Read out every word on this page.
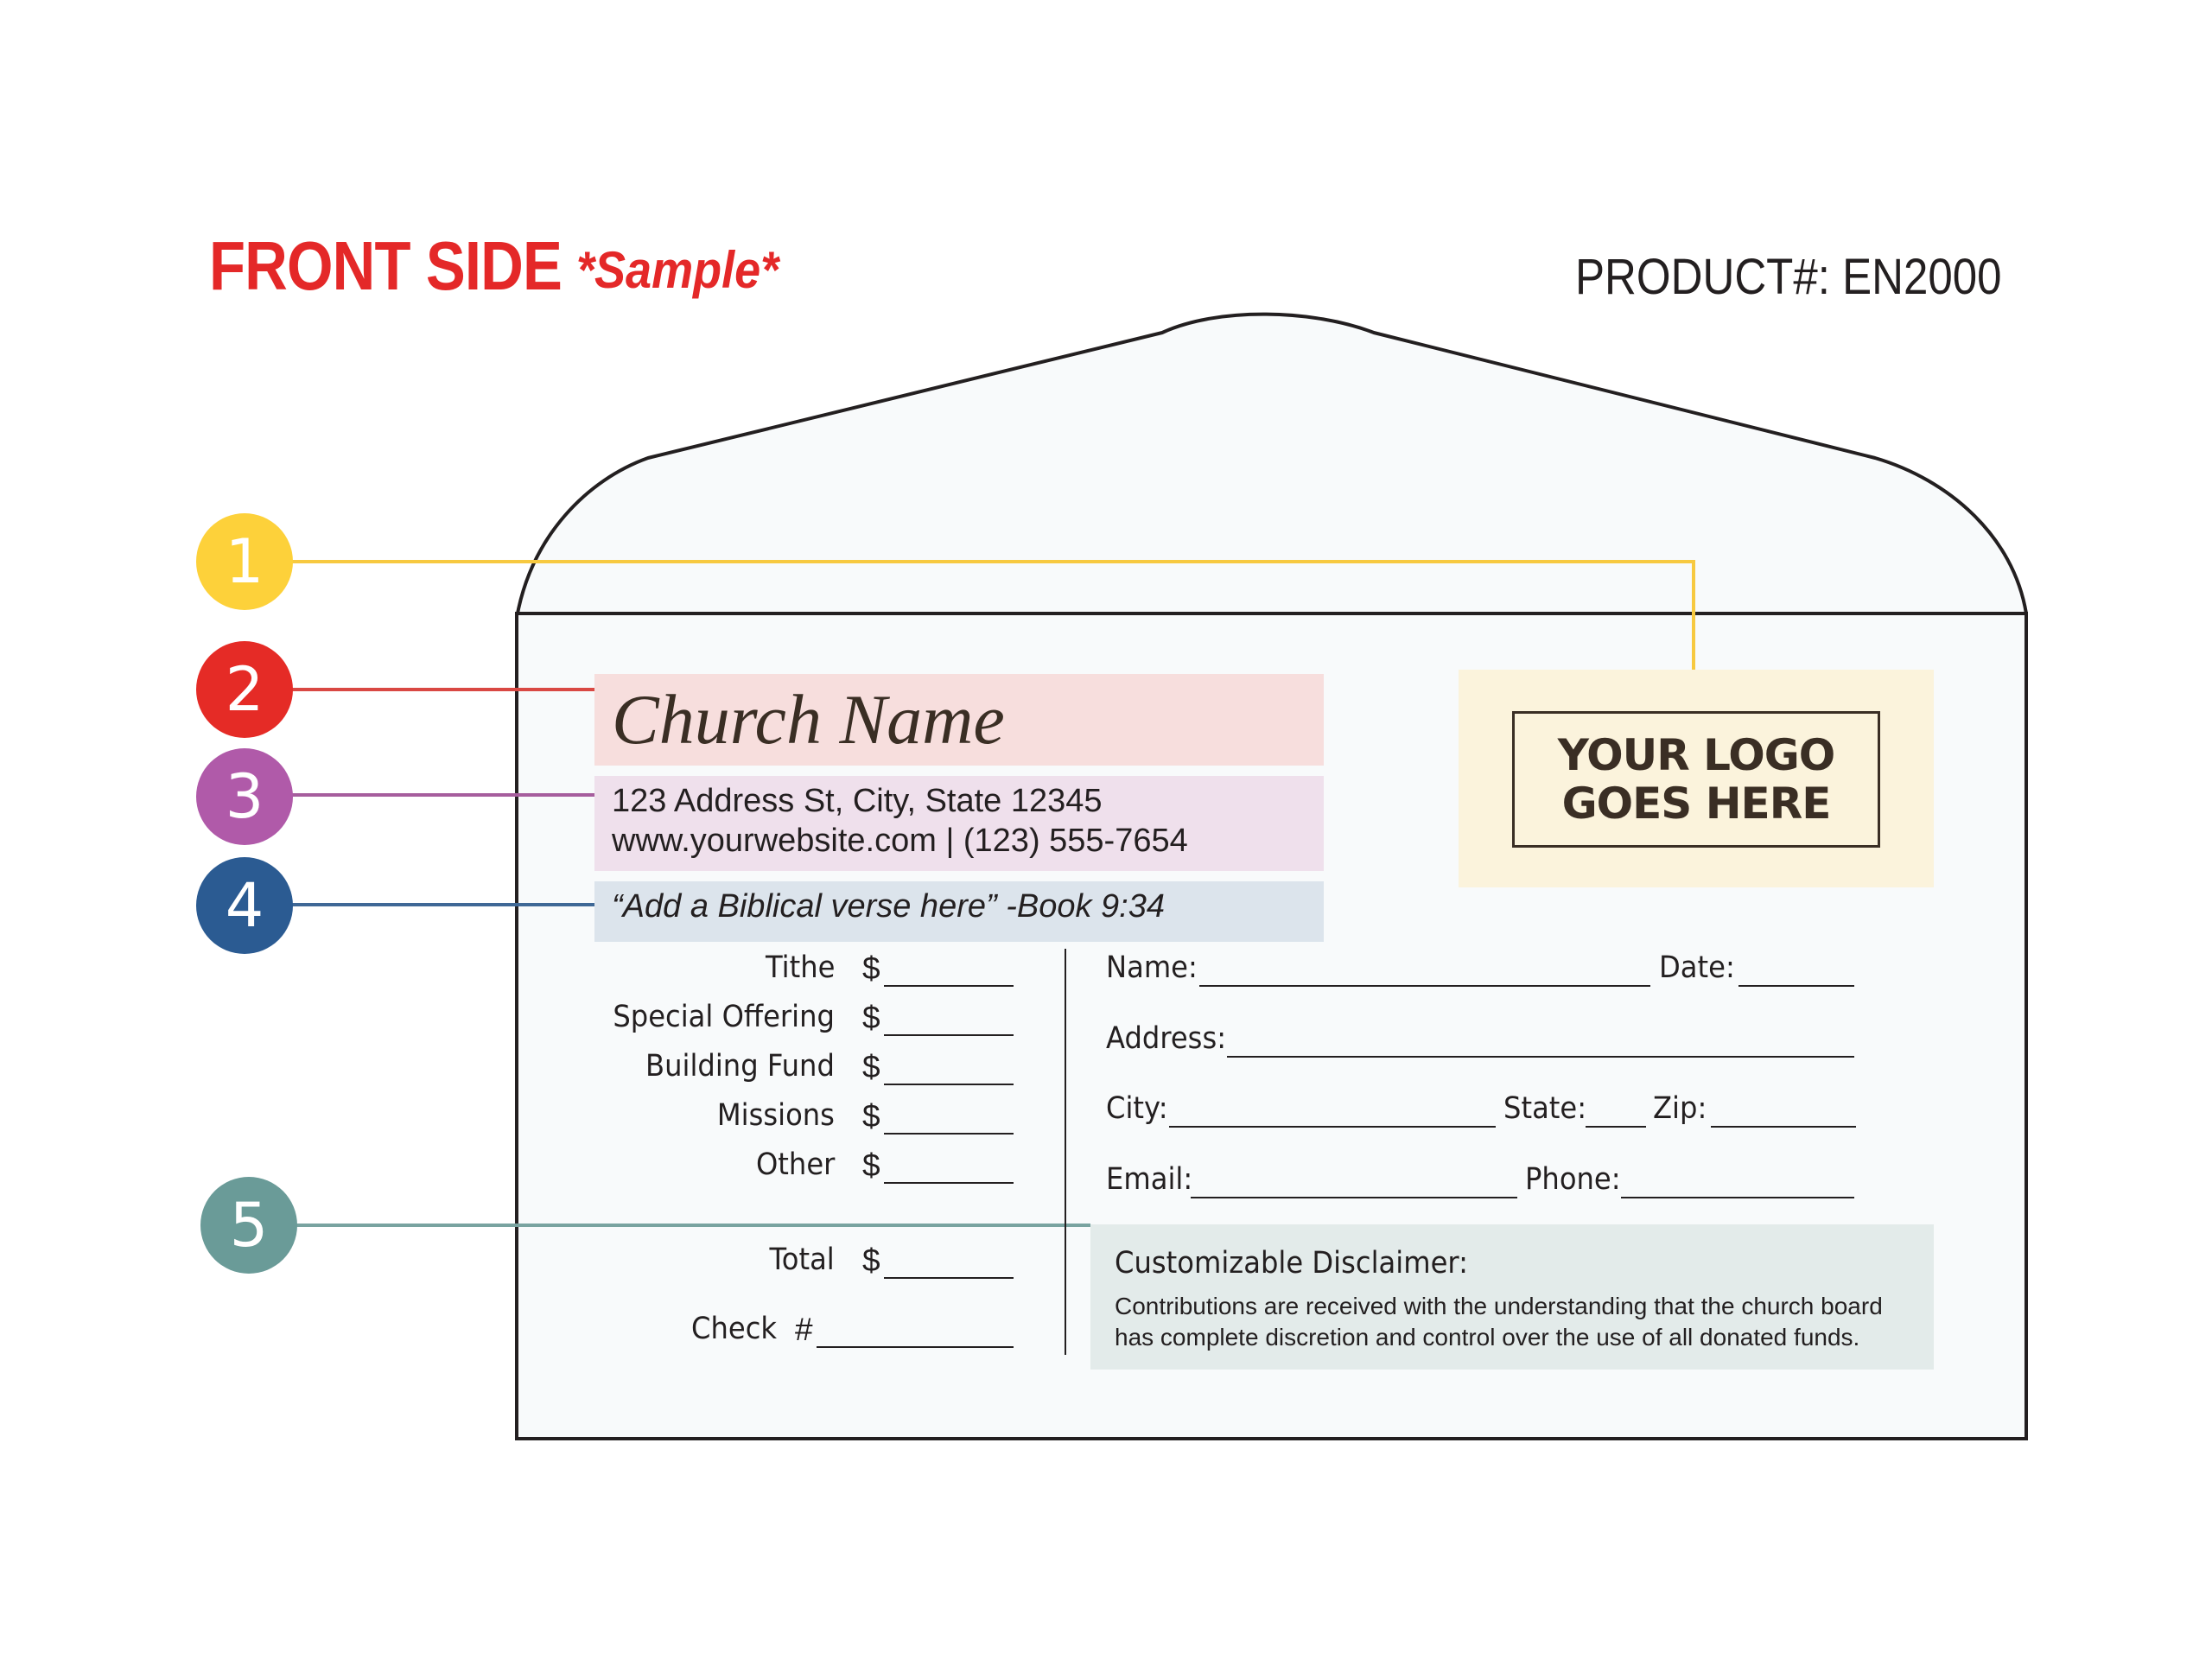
FRONT SIDE *Sample*	PRODUCT#: EN2000
YOUR LOGO
GOES HERE
Church Name
123 Address St, City, State 12345
www.yourwebsite.com | (123) 555-7654
“Add a Biblical verse here” -Book 9:34
Tithe $
Special Offering $
Building Fund $
Missions $
Other $
Total $
Check #
Name:	Date:
Address:
City:	State: Zip:
Email:	Phone:
Customizable Disclaimer:
Contributions are received with the understanding that the church board
has complete discretion and control over the use of all donated funds.
1
2
3
4
5
